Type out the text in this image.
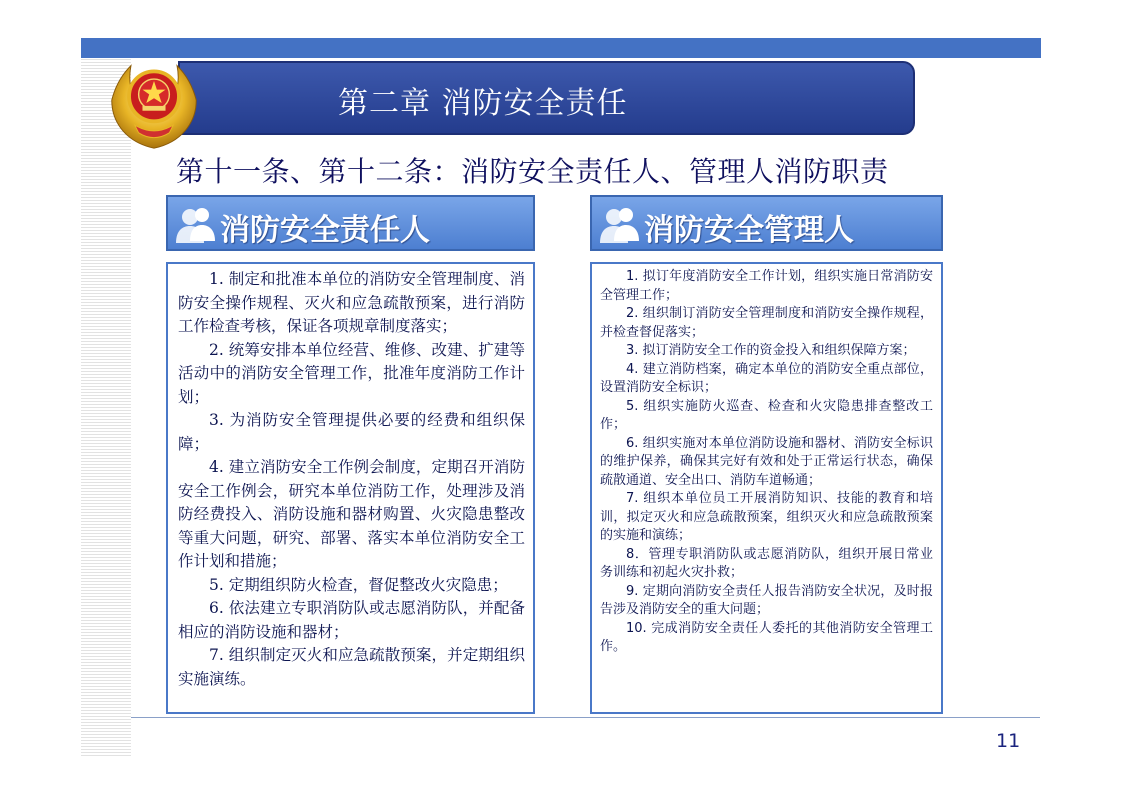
第二章 消防安全责任
第十一条、第十二条：消防安全责任人、管理人消防职责
消防安全责任人	消防安全管理人

1. 制定和批准本单位的消防安全管理制度、消防安全操作规程、灭火和应急疏散预案，进行消防工作检查考核，保证各项规章制度落实；

2. 统筹安排本单位经营、维修、改建、扩建等活动中的消防安全管理工作，批准年度消防工作计划；

3. 为消防安全管理提供必要的经费和组织保障；

4. 建立消防安全工作例会制度，定期召开消防安全工作例会，研究本单位消防工作，处理涉及消防经费投入、消防设施和器材购置、火灾隐患整改等重大问题，研究、部署、落实本单位消防安全工作计划和措施；

5. 定期组织防火检查，督促整改火灾隐患；

6. 依法建立专职消防队或志愿消防队，并配备相应的消防设施和器材；

7. 组织制定灭火和应急疏散预案，并定期组织实施演练。

1. 拟订年度消防安全工作计划，组织实施日常消防安全管理工作；

2. 组织制订消防安全管理制度和消防安全操作规程，并检查督促落实；

3. 拟订消防安全工作的资金投入和组织保障方案；

4. 建立消防档案，确定本单位的消防安全重点部位，设置消防安全标识；

5. 组织实施防火巡查、检查和火灾隐患排查整改工作；

6. 组织实施对本单位消防设施和器材、消防安全标识的维护保养，确保其完好有效和处于正常运行状态，确保疏散通道、安全出口、消防车道畅通；

7. 组织本单位员工开展消防知识、技能的教育和培训，拟定灭火和应急疏散预案，组织灭火和应急疏散预案的实施和演练；

8．管理专职消防队或志愿消防队，组织开展日常业务训练和初起火灾扑救；

9. 定期向消防安全责任人报告消防安全状况，及时报告涉及消防安全的重大问题；

10. 完成消防安全责任人委托的其他消防安全管理工作。

11
